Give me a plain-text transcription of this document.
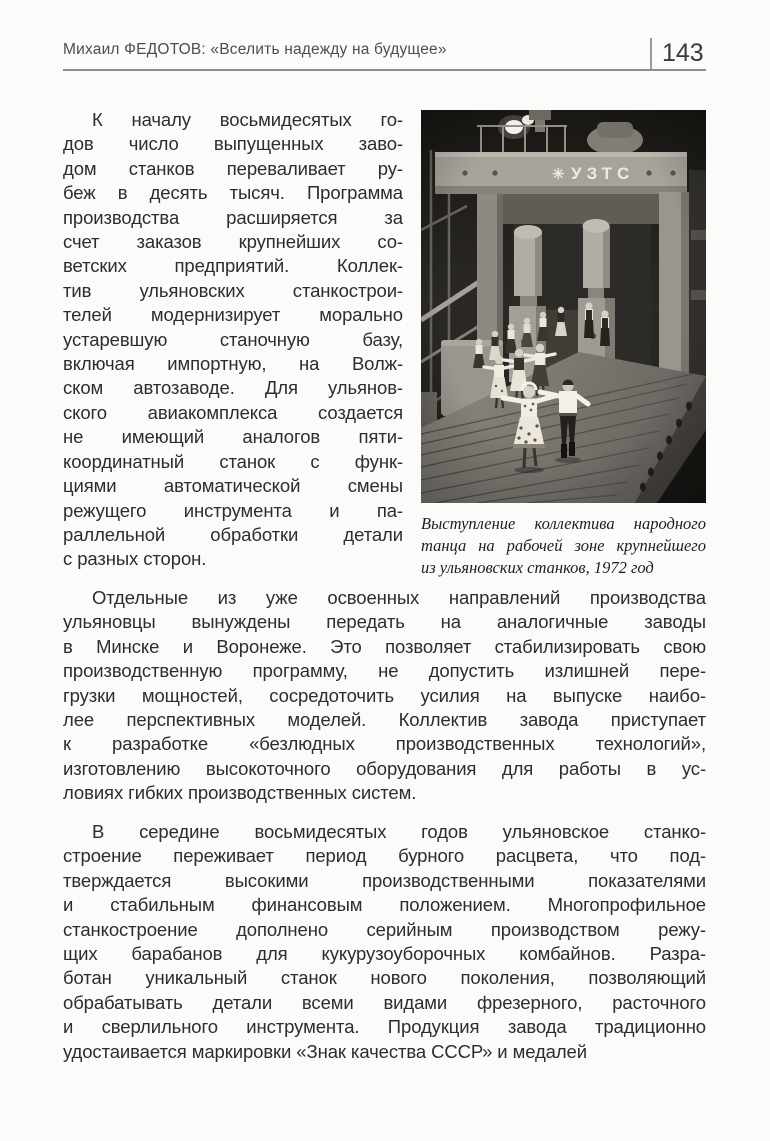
Михаил ФЕДОТОВ: «Вселить надежду на будущее»	143
К началу восьмидесятых го-
дов число выпущенных заво-
дом станков переваливает ру-
беж в десять тысяч. Программа
производства расширяется за
счет заказов крупнейших со-
ветских предприятий. Коллек-
тив ульяновских станкострои-
телей модернизирует морально
устаревшую станочную базу,
включая импортную, на Волж-
ском автозаводе. Для ульянов-
ского авиакомплекса создается
не имеющий аналогов пяти-
координатный станок с функ-
циями автоматической смены
режущего инструмента и па-
раллельной обработки детали
с разных сторон.
Выступление коллектива народного
танца на рабочей зоне крупнейшего
из ульяновских станков, 1972 год
Отдельные из уже освоенных направлений производства
ульяновцы вынуждены передать на аналогичные заводы
в Минске и Воронеже. Это позволяет стабилизировать свою
производственную программу, не допустить излишней пере-
грузки мощностей, сосредоточить усилия на выпуске наибо-
лее перспективных моделей. Коллектив завода приступает
к разработке «безлюдных производственных технологий»,
изготовлению высокоточного оборудования для работы в ус-
ловиях гибких производственных систем.
В середине восьмидесятых годов ульяновское станко-
строение переживает период бурного расцвета, что под-
тверждается высокими производственными показателями
и стабильным финансовым положением. Многопрофильное
станкостроение дополнено серийным производством режу-
щих барабанов для кукурузоуборочных комбайнов. Разра-
ботан уникальный станок нового поколения, позволяющий
обрабатывать детали всеми видами фрезерного, расточного
и сверлильного инструмента. Продукция завода традиционно
удостаивается маркировки «Знак качества СССР» и медалей
